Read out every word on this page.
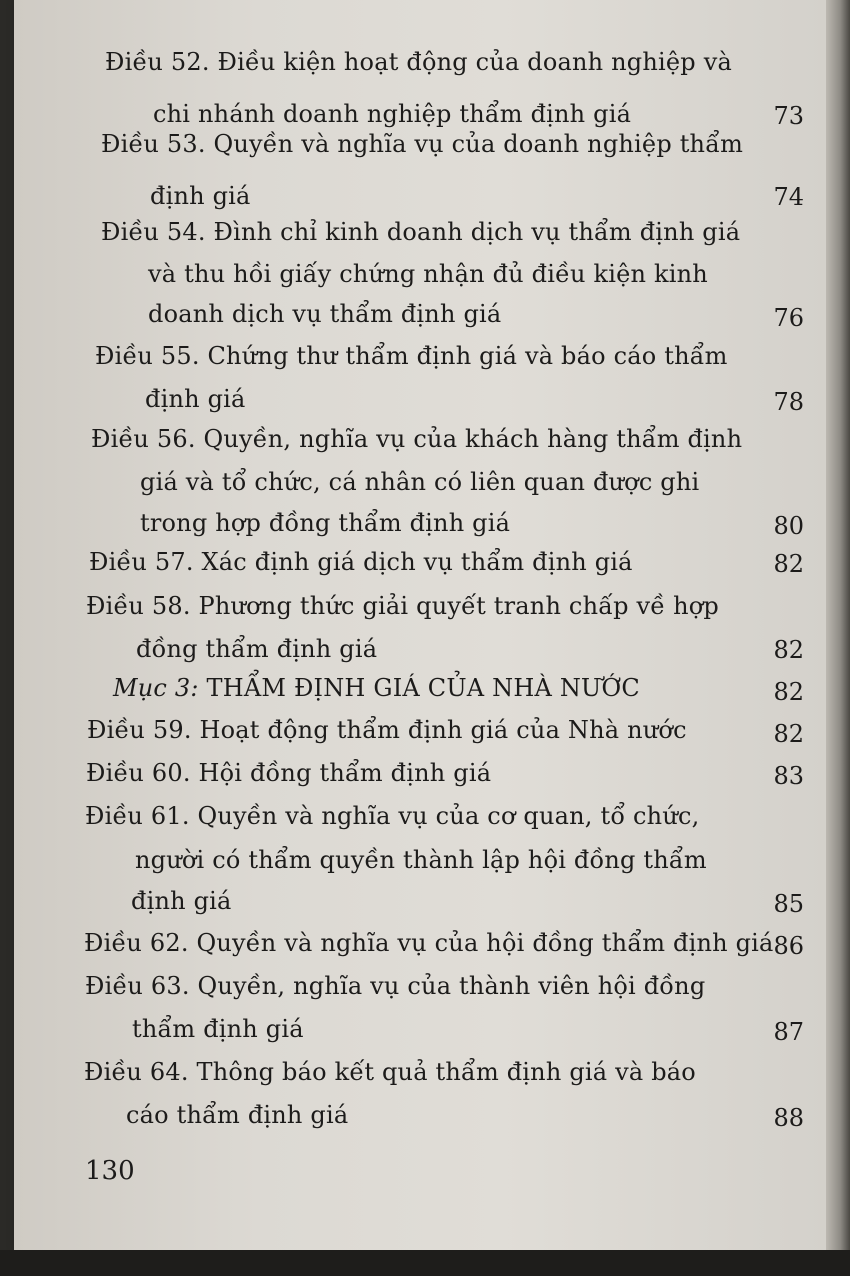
Điều 52. Điều kiện hoạt động của doanh nghiệp và
chi nhánh doanh nghiệp thẩm định giá	73
Điều 53. Quyền và nghĩa vụ của doanh nghiệp thẩm
định giá	74
Điều 54. Đình chỉ kinh doanh dịch vụ thẩm định giá
và thu hồi giấy chứng nhận đủ điều kiện kinh
doanh dịch vụ thẩm định giá	76
Điều 55. Chứng thư thẩm định giá và báo cáo thẩm
định giá	78
Điều 56. Quyền, nghĩa vụ của khách hàng thẩm định
giá và tổ chức, cá nhân có liên quan được ghi
trong hợp đồng thẩm định giá	80
Điều 57. Xác định giá dịch vụ thẩm định giá	82
Điều 58. Phương thức giải quyết tranh chấp về hợp
đồng thẩm định giá	82
Mục 3: THẨM ĐỊNH GIÁ CỦA NHÀ NƯỚC	82
Điều 59. Hoạt động thẩm định giá của Nhà nước	82
Điều 60. Hội đồng thẩm định giá	83
Điều 61. Quyền và nghĩa vụ của cơ quan, tổ chức,
người có thẩm quyền thành lập hội đồng thẩm
định giá	85
Điều 62. Quyền và nghĩa vụ của hội đồng thẩm định giá 86
Điều 63. Quyền, nghĩa vụ của thành viên hội đồng
thẩm định giá	87
Điều 64. Thông báo kết quả thẩm định giá và báo
cáo thẩm định giá	88
130
